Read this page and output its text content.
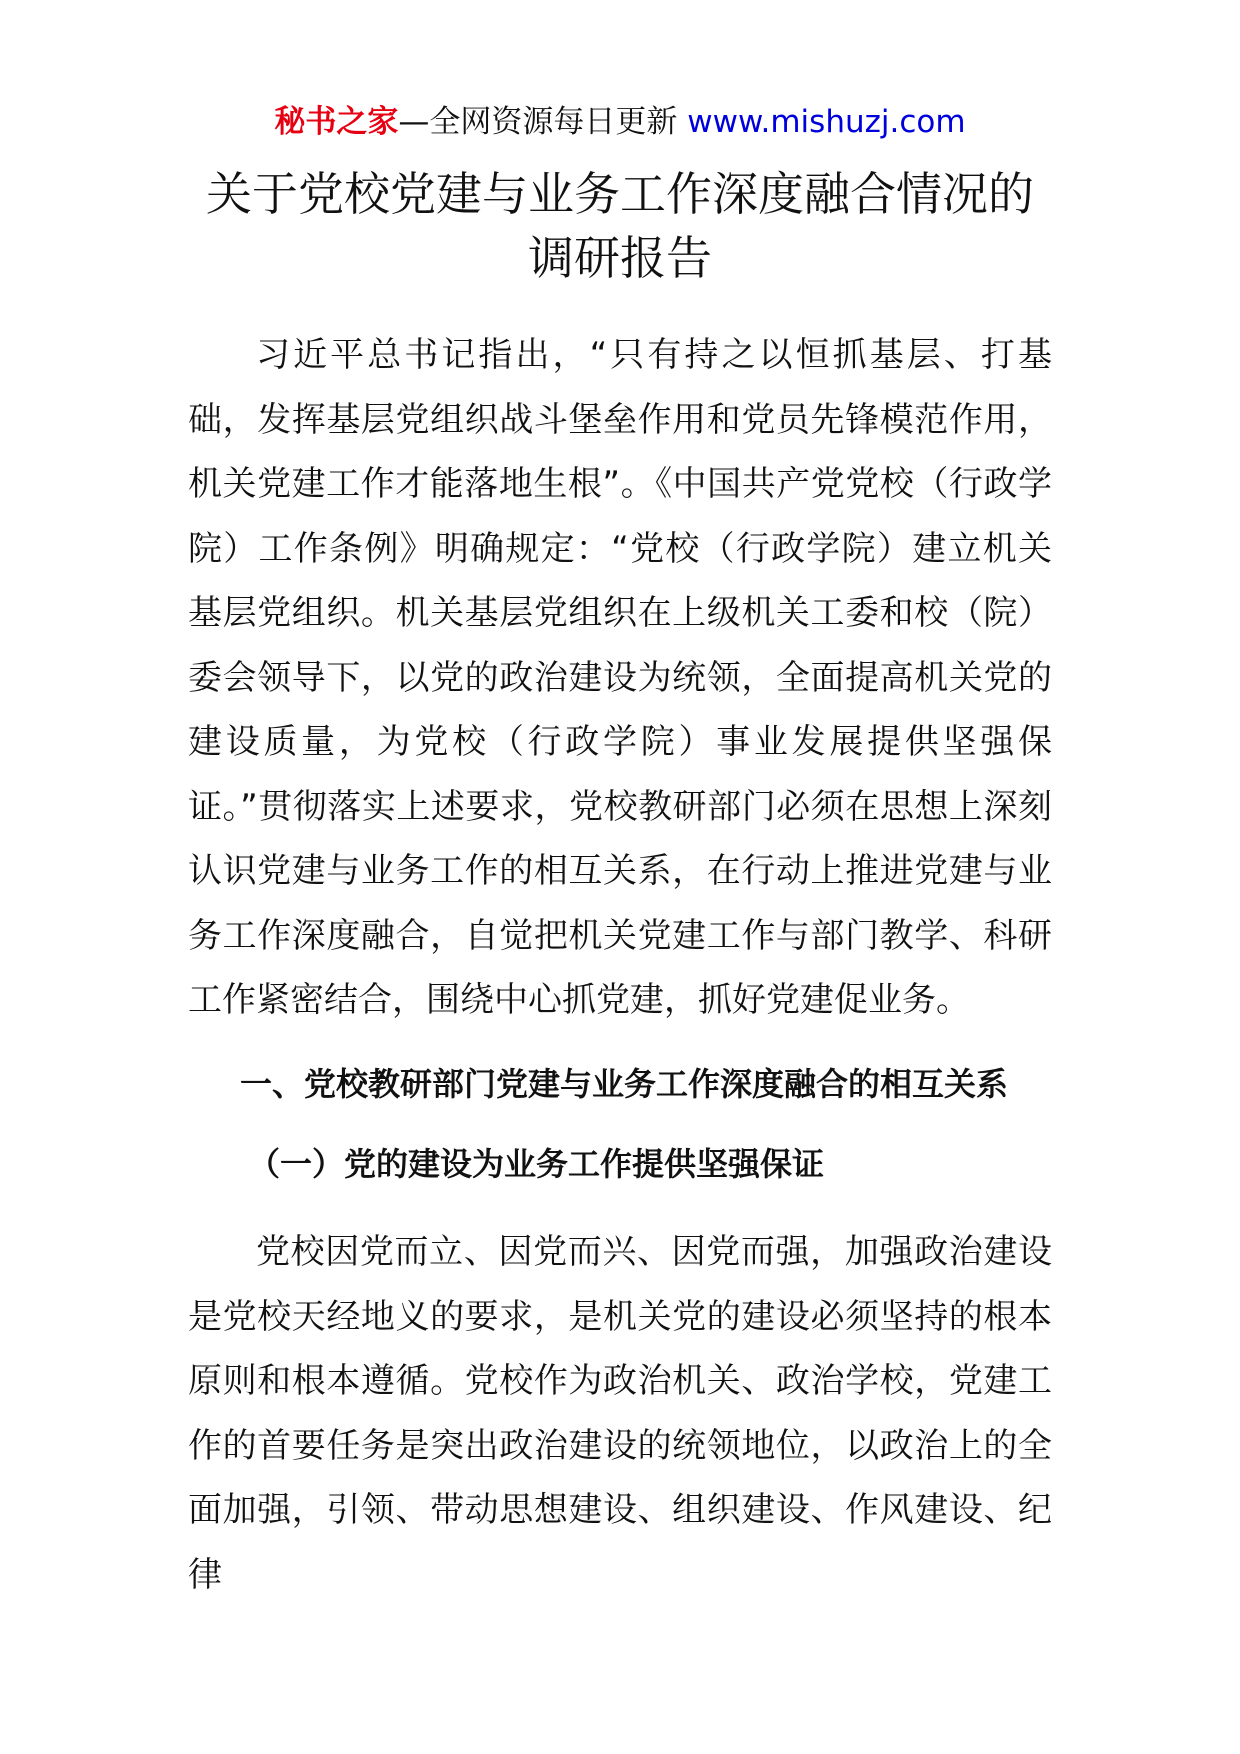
秘书之家—全网资源每日更新 www.mishuzj.com
关于党校党建与业务工作深度融合情况的
调研报告

习近平总书记指出，“只有持之以恒抓基层、打基础，发挥基层党组织战斗堡垒作用和党员先锋模范作用，机关党建工作才能落地生根”。《中国共产党党校（行政学院）工作条例》明确规定：“党校（行政学院）建立机关基层党组织。机关基层党组织在上级机关工委和校（院）委会领导下，以党的政治建设为统领，全面提高机关党的建设质量，为党校（行政学院）事业发展提供坚强保证。”贯彻落实上述要求，党校教研部门必须在思想上深刻认识党建与业务工作的相互关系，在行动上推进党建与业务工作深度融合，自觉把机关党建工作与部门教学、科研工作紧密结合，围绕中心抓党建，抓好党建促业务。

一、党校教研部门党建与业务工作深度融合的相互关系
（一）党的建设为业务工作提供坚强保证

党校因党而立、因党而兴、因党而强，加强政治建设是党校天经地义的要求，是机关党的建设必须坚持的根本原则和根本遵循。党校作为政治机关、政治学校，党建工作的首要任务是突出政治建设的统领地位，以政治上的全面加强，引领、带动思想建设、组织建设、作风建设、纪律
